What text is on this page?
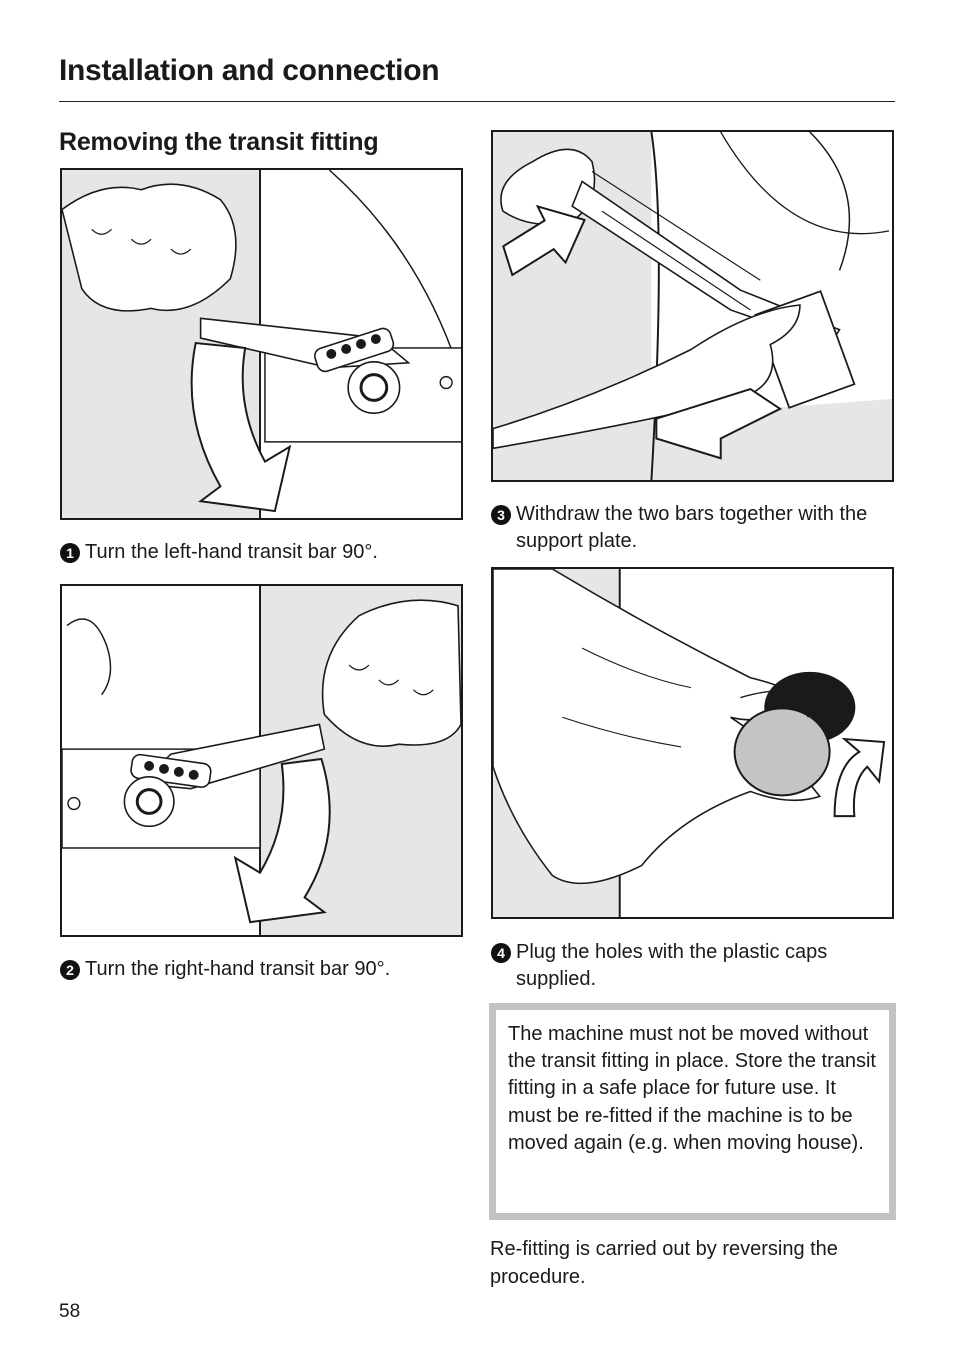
Installation and connection
Removing the transit fitting
1 Turn the left-hand transit bar 90°.
2 Turn the right-hand transit bar 90°.
3 Withdraw the two bars together with the support plate.
4 Plug the holes with the plastic caps supplied.
The machine must not be moved without the transit fitting in place. Store the transit fitting in a safe place for future use. It must be re-fitted if the machine is to be moved again (e.g. when moving house).
Re-fitting is carried out by reversing the procedure.
58
